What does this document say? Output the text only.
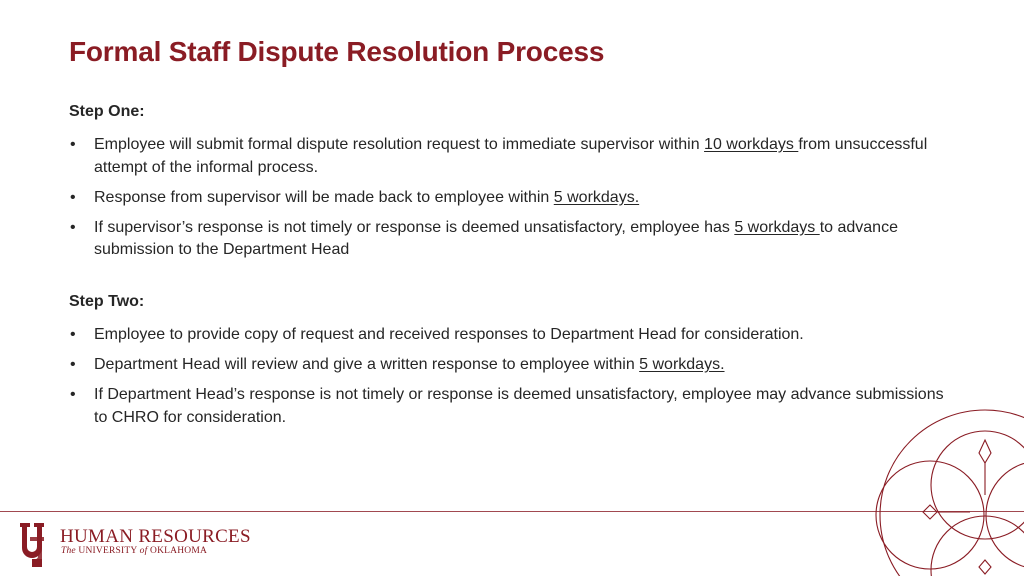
Formal Staff Dispute Resolution Process
Step One:
• Employee will submit formal dispute resolution request to immediate supervisor within 10 workdays from unsuccessful attempt of the informal process.
• Response from supervisor will be made back to employee within 5 workdays.
• If supervisor’s response is not timely or response is deemed unsatisfactory, employee has 5 workdays to advance submission to the Department Head
Step Two:
• Employee to provide copy of request and received responses to Department Head for consideration.
• Department Head will review and give a written response to employee within 5 workdays.
• If Department Head’s response is not timely or response is deemed unsatisfactory, employee may advance submissions to CHRO for consideration.
HUMAN RESOURCES
The UNIVERSITY of OKLAHOMA
